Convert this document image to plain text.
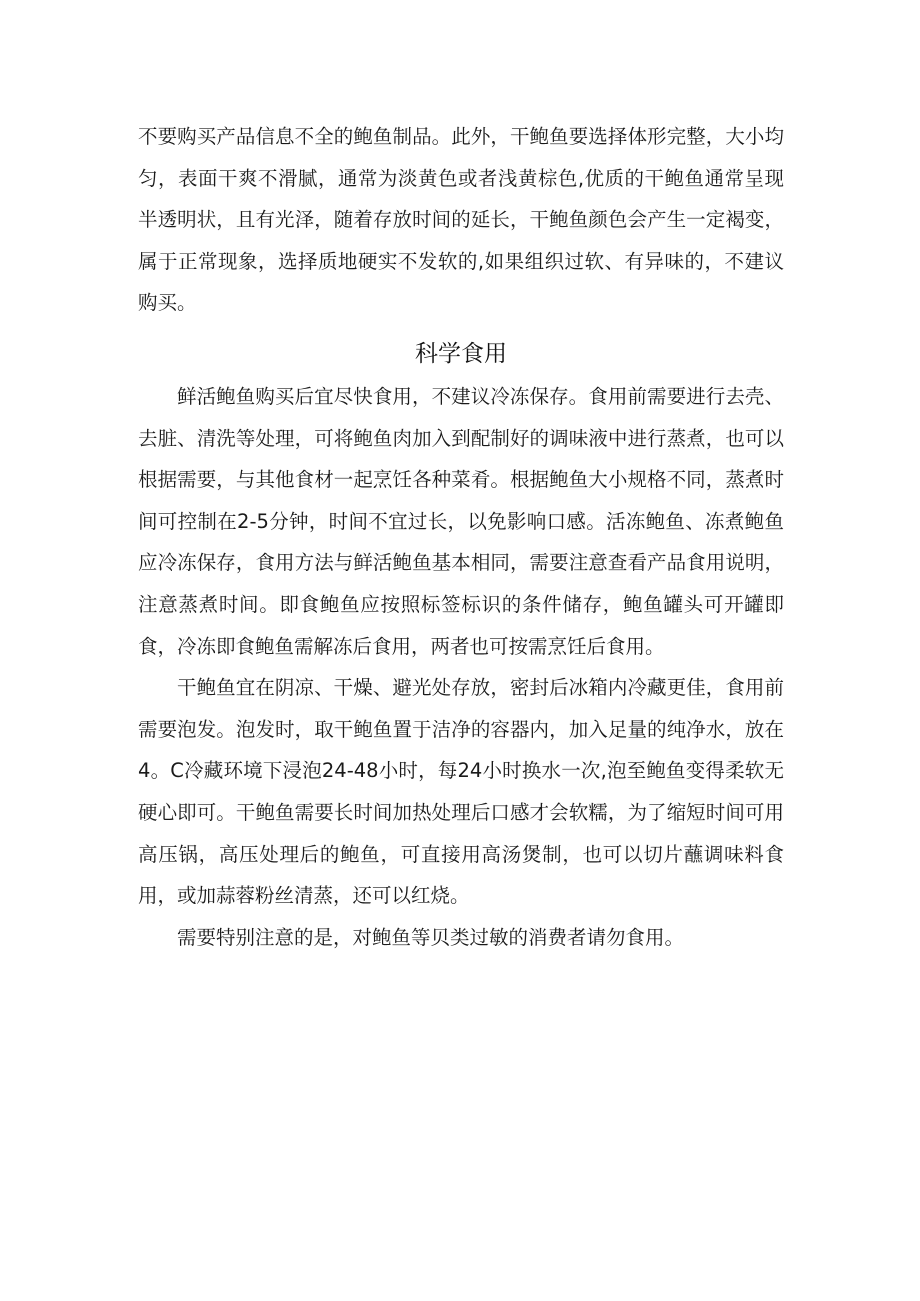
不要购买产品信息不全的鲍鱼制品。此外，干鲍鱼要选择体形完整，大小均匀，表面干爽不滑腻，通常为淡黄色或者浅黄棕色,优质的干鲍鱼通常呈现半透明状，且有光泽，随着存放时间的延长，干鲍鱼颜色会产生一定褐变，属于正常现象，选择质地硬实不发软的,如果组织过软、有异味的，不建议购买。

科学食用

鲜活鲍鱼购买后宜尽快食用，不建议冷冻保存。食用前需要进行去壳、去脏、清洗等处理，可将鲍鱼肉加入到配制好的调味液中进行蒸煮，也可以根据需要，与其他食材一起烹饪各种菜肴。根据鲍鱼大小规格不同，蒸煮时间可控制在2-5分钟，时间不宜过长，以免影响口感。活冻鲍鱼、冻煮鲍鱼应冷冻保存，食用方法与鲜活鲍鱼基本相同，需要注意查看产品食用说明，注意蒸煮时间。即食鲍鱼应按照标签标识的条件储存，鲍鱼罐头可开罐即食，冷冻即食鲍鱼需解冻后食用，两者也可按需烹饪后食用。

干鲍鱼宜在阴凉、干燥、避光处存放，密封后冰箱内冷藏更佳，食用前需要泡发。泡发时，取干鲍鱼置于洁净的容器内，加入足量的纯净水，放在4。C冷藏环境下浸泡24-48小时，每24小时换水一次,泡至鲍鱼变得柔软无硬心即可。干鲍鱼需要长时间加热处理后口感才会软糯，为了缩短时间可用高压锅，高压处理后的鲍鱼，可直接用高汤煲制，也可以切片蘸调味料食用，或加蒜蓉粉丝清蒸，还可以红烧。

需要特别注意的是，对鲍鱼等贝类过敏的消费者请勿食用。
